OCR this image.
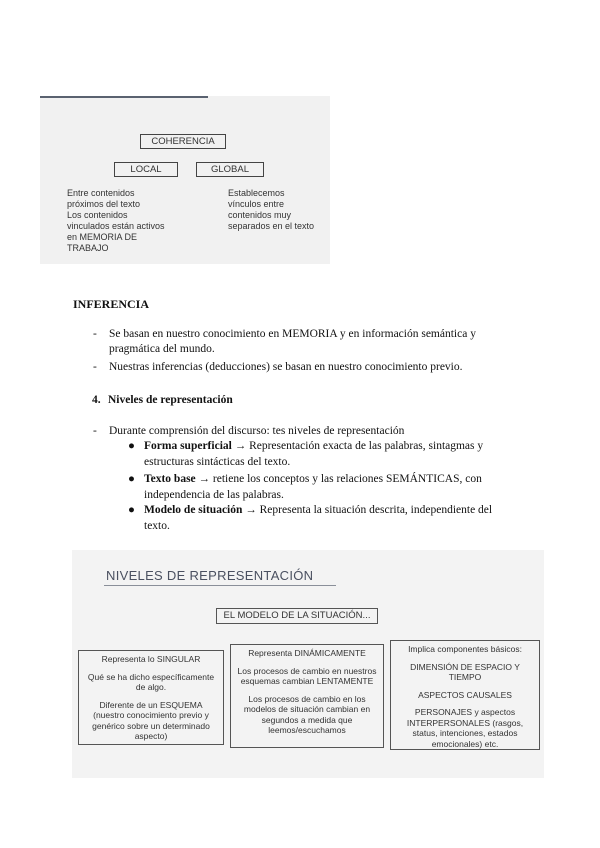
COHERENCIA
LOCAL	GLOBAL
Entre contenidos
próximos del texto
Los contenidos
vinculados están activos
en MEMORIA DE
TRABAJO
Establecemos
vínculos entre
contenidos muy
separados en el texto
INFERENCIA
-	Se basan en nuestro conocimiento en MEMORIA y en información semántica y pragmática del mundo.
-	Nuestras inferencias (deducciones) se basan en nuestro conocimiento previo.
4. Niveles de representación
-	Durante comprensión del discurso: tes niveles de representación
● Forma superficial → Representación exacta de las palabras, sintagmas y estructuras sintácticas del texto.
● Texto base → retiene los conceptos y las relaciones SEMÁNTICAS, con independencia de las palabras.
● Modelo de situación → Representa la situación descrita, independiente del texto.
NIVELES DE REPRESENTACIÓN
EL MODELO DE LA SITUACIÓN...

Representa lo SINGULAR

Qué se ha dicho específicamente de algo.

Diferente de un ESQUEMA (nuestro conocimiento previo y genérico sobre un determinado aspecto)

Representa DINÁMICAMENTE

Los procesos de cambio en nuestros esquemas cambian LENTAMENTE

Los procesos de cambio en los modelos de situación cambian en segundos a medida que leemos/escuchamos

Implica componentes básicos:

DIMENSIÓN DE ESPACIO Y TIEMPO

ASPECTOS CAUSALES

PERSONAJES y aspectos INTERPERSONALES (rasgos, status, intenciones, estados emocionales) etc.
